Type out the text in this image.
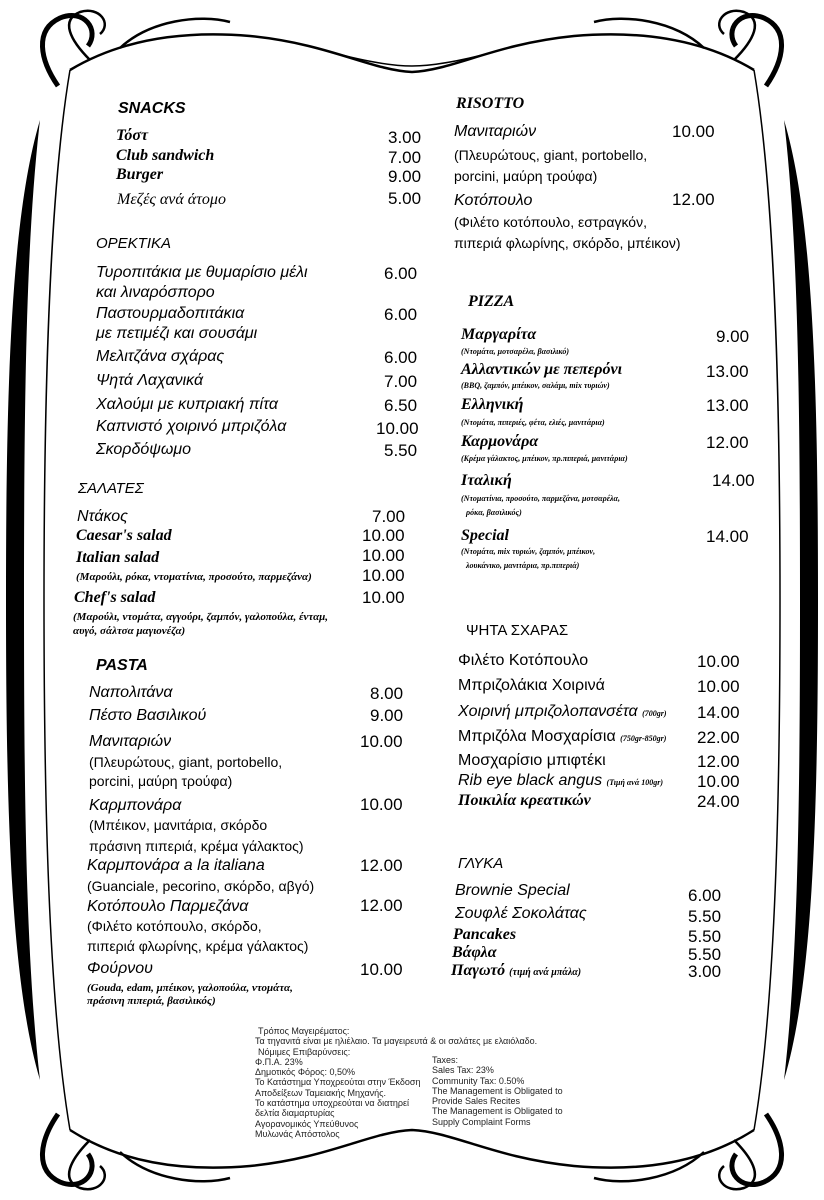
SNACKS
Τόστ	3.00
Club sandwich	7.00
Burger	9.00
Μεζές ανά άτομο	5.00
ΟΡΕΚΤΙΚΑ
Τυροπιτάκια με θυμαρίσιο μέλι
και λιναρόσπορο
6.00
Παστουρμαδοπιτάκια
με πετιμέζι και σουσάμι
6.00
Μελιτζάνα σχάρας	6.00
Ψητά Λαχανικά	7.00
Χαλούμι με κυπριακή πίτα	6.50
Καπνιστό χοιρινό μπριζόλα	10.00
Σκορδόψωμο	5.50
ΣΑΛΑΤΕΣ
Ντάκος	7.00
Caesar's salad	10.00
Italian salad	10.00
(Μαρούλι, ρόκα, ντοματίνια, προσούτο, παρμεζάνα)	10.00
Chef's salad	10.00
(Μαρούλι, ντομάτα, αγγούρι, ζαμπόν, γαλοπούλα, ένταμ,
αυγό, σάλτσα μαγιονέζα)
PASTA
Ναπολιτάνα	8.00
Πέστο Βασιλικού	9.00
Μανιταριών	10.00
(Πλευρώτους, giant, portobello,
porcini, μαύρη τρούφα)
Καρμπονάρα	10.00
(Μπέικον, μανιτάρια, σκόρδο
πράσινη πιπεριά, κρέμα γάλακτος)
Καρμπονάρα a la italiana	12.00
(Guanciale, pecorino, σκόρδο, αβγό)
Κοτόπουλο Παρμεζάνα	12.00
(Φιλέτο κοτόπουλο, σκόρδο,
πιπεριά φλωρίνης, κρέμα γάλακτος)
Φούρνου	10.00
(Gouda, edam, μπέικον, γαλοπούλα, ντομάτα,
πράσινη πιπεριά, βασιλικός)
RISOTTO
Μανιταριών	10.00
(Πλευρώτους, giant, portobello,
porcini, μαύρη τρούφα)
Κοτόπουλο	12.00
(Φιλέτο κοτόπουλο, εστραγκόν,
πιπεριά φλωρίνης, σκόρδο, μπέικον)
PIZZA
Μαργαρίτα	9.00
(Ντομάτα, μοτσαρέλα, βασιλικό)
Αλλαντικών με πεπερόνι	13.00
(BBQ, ζαμπόν, μπέικον, σαλάμι, mix τυριών)
Ελληνική	13.00
(Ντομάτα, πιπεριές, φέτα, ελιές, μανιτάρια)
Καρμονάρα	12.00
(Κρέμα γάλακτος, μπέικον, πρ.πιπεριά, μανιτάρια)
Ιταλική	14.00
(Ντοματίνια, προσούτο, παρμεζάνα, μοτσαρέλα,
ρόκα, βασιλικός)
Special	14.00
(Ντομάτα, mix τυριών, ζαμπόν, μπέικον,
λουκάνικο, μανιτάρια, πρ.πιπεριά)
ΨΗΤΑ ΣΧΑΡΑΣ
Φιλέτο Κοτόπουλο	10.00
Μπριζολάκια Χοιρινά	10.00
Χοιρινή μπριζολοπανσέτα (700gr) 14.00
Μπριζόλα Μοσχαρίσια (750gr-850gr) 22.00
Μοσχαρίσιο μπιφτέκι	12.00
Rib eye black angus (Τιμή ανά 100gr) 10.00
Ποικιλία κρεατικών	24.00
ΓΛΥΚΑ
Brownie Special	6.00
Σουφλέ Σοκολάτας	5.50
Pancakes	5.50
Βάφλα	5.50
Παγωτό (τιμή ανά μπάλα)	3.00
Τρόπος Μαγειρέματος:
Τα τηγανιτά είναι με ηλιέλαιο. Τα μαγειρευτά & οι σαλάτες με ελαιόλαδο.
Νόμιμες Επιβαρύνσεις:
Φ.Π.Α. 23%
Δημοτικός Φόρος: 0,50%
Το Κατάστημα Υποχρεούται στην Έκδοση
Αποδείξεων Ταμειακής Μηχανής.
Το κατάστημα υποχρεούται να διατηρεί
δελτία διαμαρτυρίας
Αγορανομικός Υπεύθυνος
Μυλωνάς Απόστολος
Taxes:
Sales Tax: 23%
Community Tax: 0.50%
The Management is Obligated to
Provide Sales Recites
The Management is Obligated to
Supply Complaint Forms
